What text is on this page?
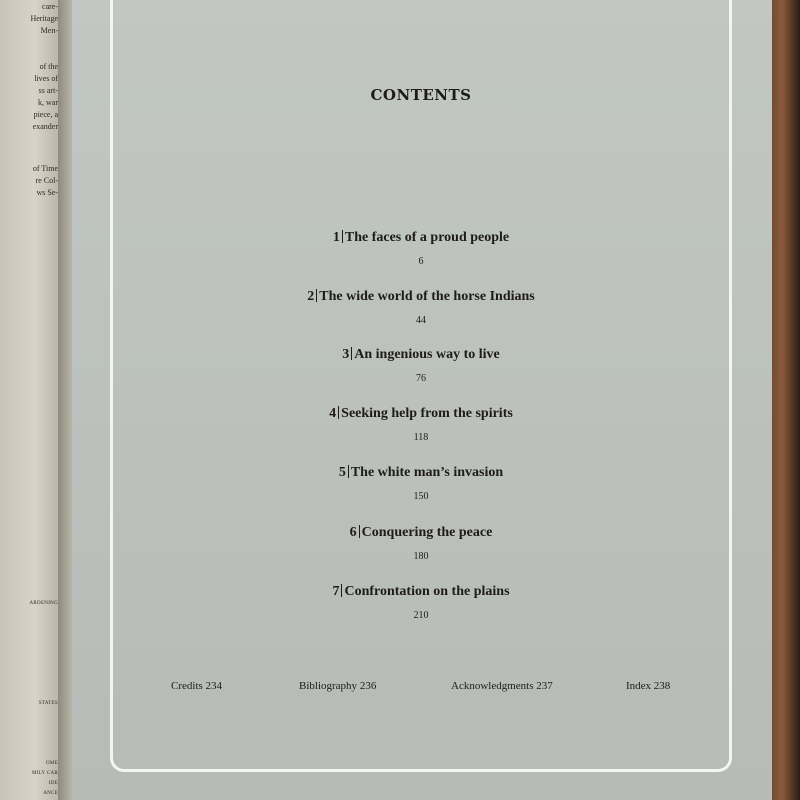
care-
Heritage
Men-
of the
lives of
ss art-
k, war
piece, a
exander
of Time
re Col-
ws Se-
ARDENING
STATES
OME
MILY CAR
IDE
ANCE
CONTENTS
1 The faces of a proud people
6
2 The wide world of the horse Indians
44
3 An ingenious way to live
76
4 Seeking help from the spirits
118
5 The white man’s invasion
150
6 Conquering the peace
180
7 Confrontation on the plains
210
Credits 234	Bibliography 236	Acknowledgments 237	Index 238
